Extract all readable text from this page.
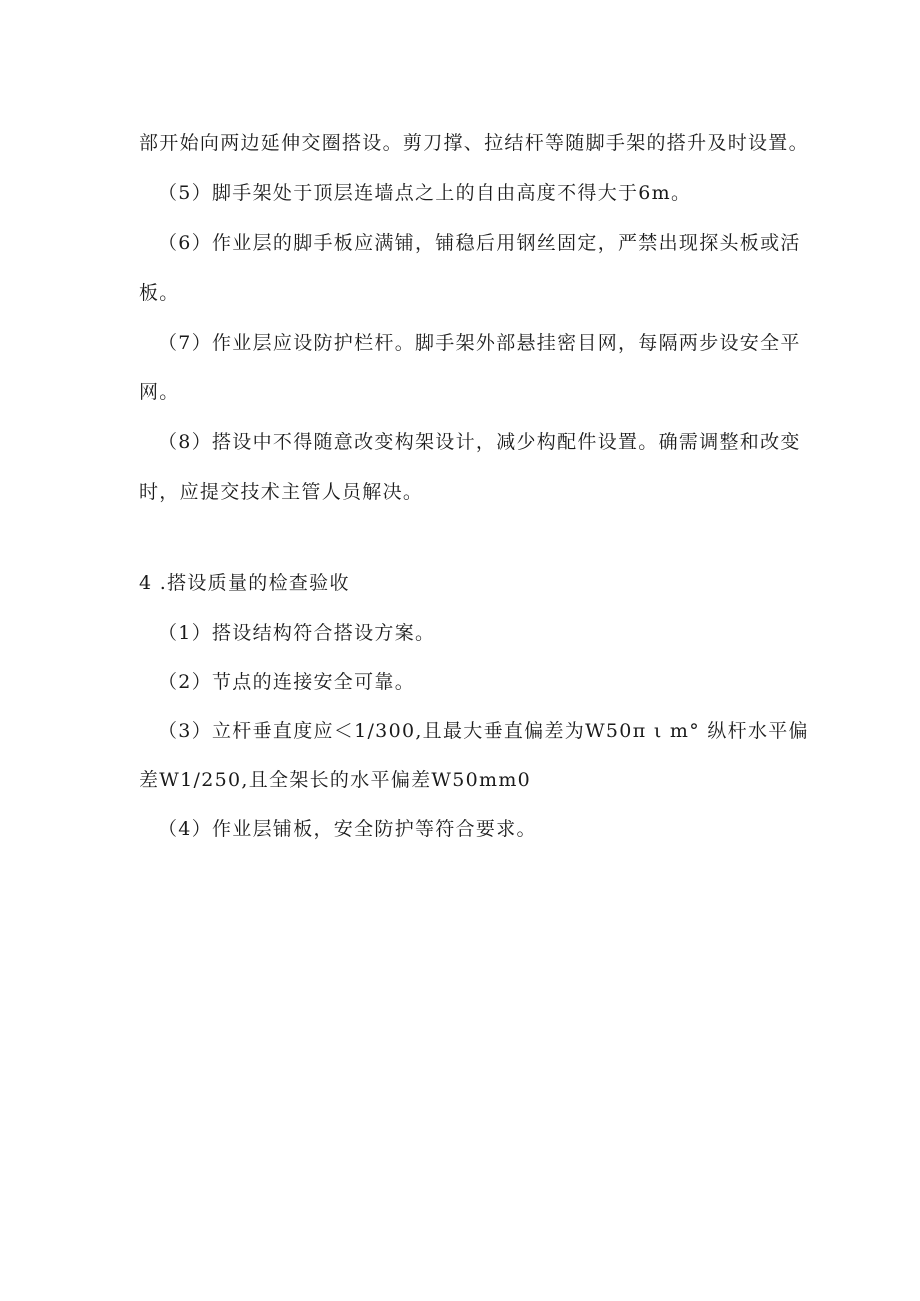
部开始向两边延伸交圈搭设。剪刀撑、拉结杆等随脚手架的搭升及时设置。
（5）脚手架处于顶层连墙点之上的自由高度不得大于6m。
（6）作业层的脚手板应满铺，铺稳后用钢丝固定，严禁出现探头板或活
板。
（7）作业层应设防护栏杆。脚手架外部悬挂密目网，每隔两步设安全平
网。
（8）搭设中不得随意改变构架设计，减少构配件设置。确需调整和改变
时，应提交技术主管人员解决。
4 .搭设质量的检查验收
（1）搭设结构符合搭设方案。
（2）节点的连接安全可靠。
（3）立杆垂直度应＜1/300,且最大垂直偏差为W50π ι m° 纵杆水平偏
差W1/250,且全架长的水平偏差W50mm0
（4）作业层铺板，安全防护等符合要求。
